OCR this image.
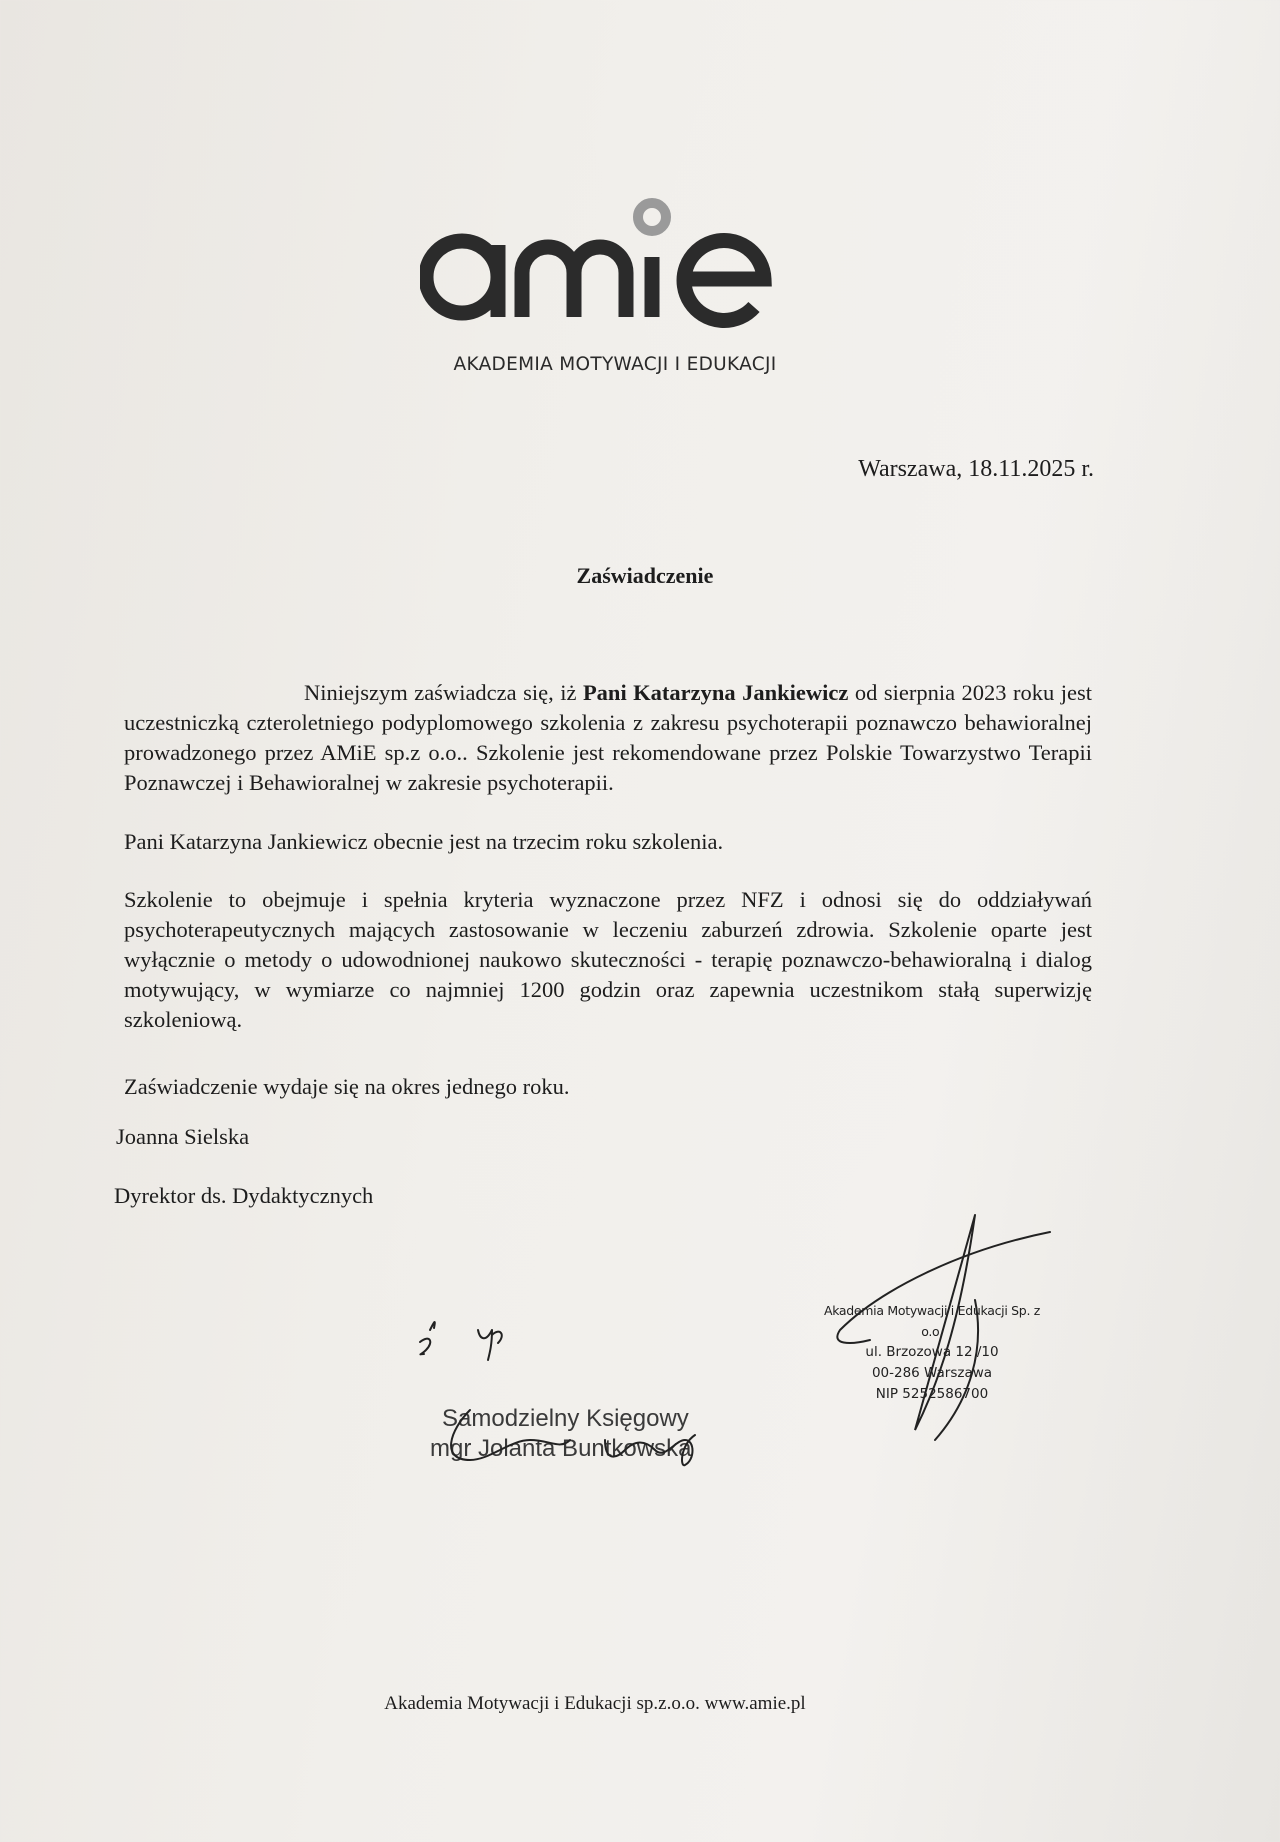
AKADEMIA MOTYWACJI I EDUKACJI
Warszawa, 18.11.2025 r.
Zaświadczenie
Niniejszym zaświadcza się, iż Pani Katarzyna Jankiewicz od sierpnia 2023 roku jest uczestniczką czteroletniego podyplomowego szkolenia z zakresu psychoterapii poznawczo behawioralnej prowadzonego przez AMiE sp.z o.o.. Szkolenie jest rekomendowane przez Polskie Towarzystwo Terapii Poznawczej i Behawioralnej w zakresie psychoterapii.
Pani Katarzyna Jankiewicz obecnie jest na trzecim roku szkolenia.
Szkolenie to obejmuje i spełnia kryteria wyznaczone przez NFZ i odnosi się do oddziaływań psychoterapeutycznych mających zastosowanie w leczeniu zaburzeń zdrowia. Szkolenie oparte jest wyłącznie o metody o udowodnionej naukowo skuteczności - terapię poznawczo-behawioralną i dialog motywujący, w wymiarze co najmniej 1200 godzin oraz zapewnia uczestnikom stałą superwizję szkoleniową.
Zaświadczenie wydaje się na okres jednego roku.
Joanna Sielska
Dyrektor ds. Dydaktycznych
Akademia Motywacji i Edukacji Sp. z o.o.
ul. Brzozowa 12 /10
00-286 Warszawa
NIP 5252586700
Samodzielny Księgowy
mgr Jolanta Buntkowska
Akademia Motywacji i Edukacji sp.z.o.o. www.amie.pl
